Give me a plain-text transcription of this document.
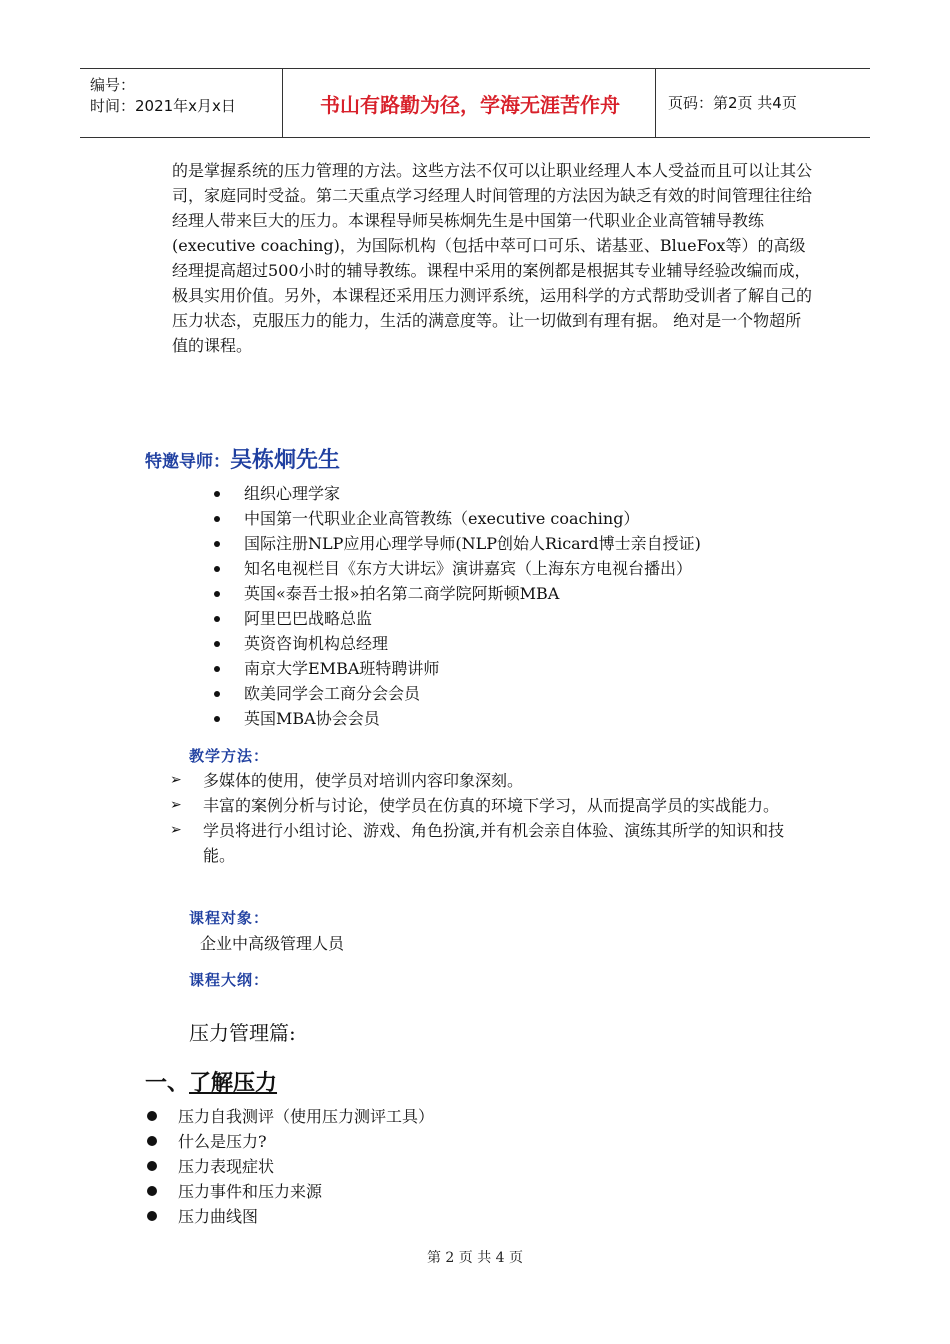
编号：
时间：2021年x月x日	书山有路勤为径，学海无涯苦作舟	页码：第2页 共4页

的是掌握系统的压力管理的方法。这些方法不仅可以让职业经理人本人受益而且可以让其公司，家庭同时受益。第二天重点学习经理人时间管理的方法因为缺乏有效的时间管理往往给经理人带来巨大的压力。本课程导师吴栋炯先生是中国第一代职业企业高管辅导教练(executive coaching)，为国际机构（包括中萃可口可乐、诺基亚、BlueFox等）的高级经理提高超过500小时的辅导教练。课程中采用的案例都是根据其专业辅导经验改编而成，极具实用价值。另外，本课程还采用压力测评系统，运用科学的方式帮助受训者了解自己的压力状态，克服压力的能力，生活的满意度等。让一切做到有理有据。 绝对是一个物超所值的课程。

特邀导师：吴栋炯先生
组织心理学家
中国第一代职业企业高管教练（executive coaching）
国际注册NLP应用心理学导师(NLP创始人Ricard博士亲自授证)
知名电视栏目《东方大讲坛》演讲嘉宾（上海东方电视台播出）
英国«泰吾士报»拍名第二商学院阿斯顿MBA
阿里巴巴战略总监
英资咨询机构总经理
南京大学EMBA班特聘讲师
欧美同学会工商分会会员
英国MBA协会会员
教学方法：
➢ 多媒体的使用，使学员对培训内容印象深刻。
➢ 丰富的案例分析与讨论，使学员在仿真的环境下学习，从而提高学员的实战能力。
➢ 学员将进行小组讨论、游戏、角色扮演,并有机会亲自体验、演练其所学的知识和技能。
课程对象：
企业中高级管理人员
课程大纲：
压力管理篇:
一、了解压力
压力自我测评（使用压力测评工具）
什么是压力?
压力表现症状
压力事件和压力来源
压力曲线图
第 2 页 共 4 页
